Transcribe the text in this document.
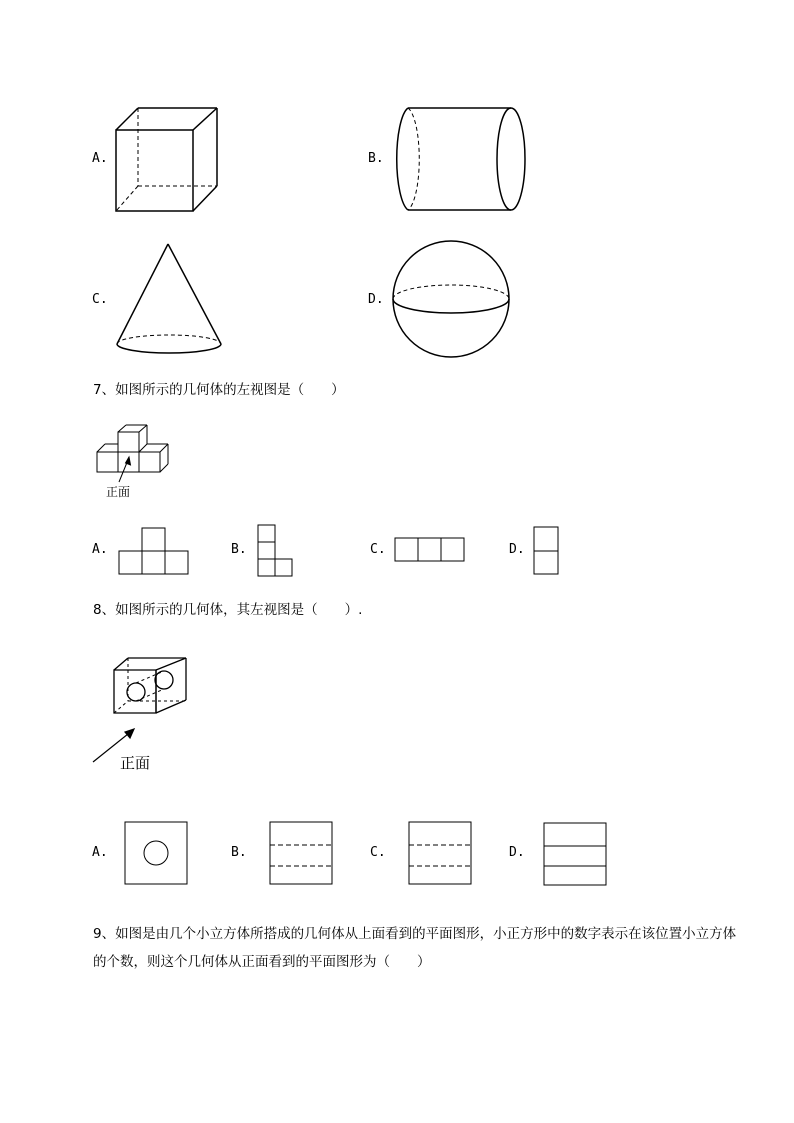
A.	B.
C.	D.
7、如图所示的几何体的左视图是（　　）
正面
A.	B.	C.	D.
8、如图所示的几何体，其左视图是（　　）.
正面
A.	B.	C.	D.
9、如图是由几个小立方体所搭成的几何体从上面看到的平面图形，小正方形中的数字表示在该位置小立方体的个数，则这个几何体从正面看到的平面图形为（　　）
